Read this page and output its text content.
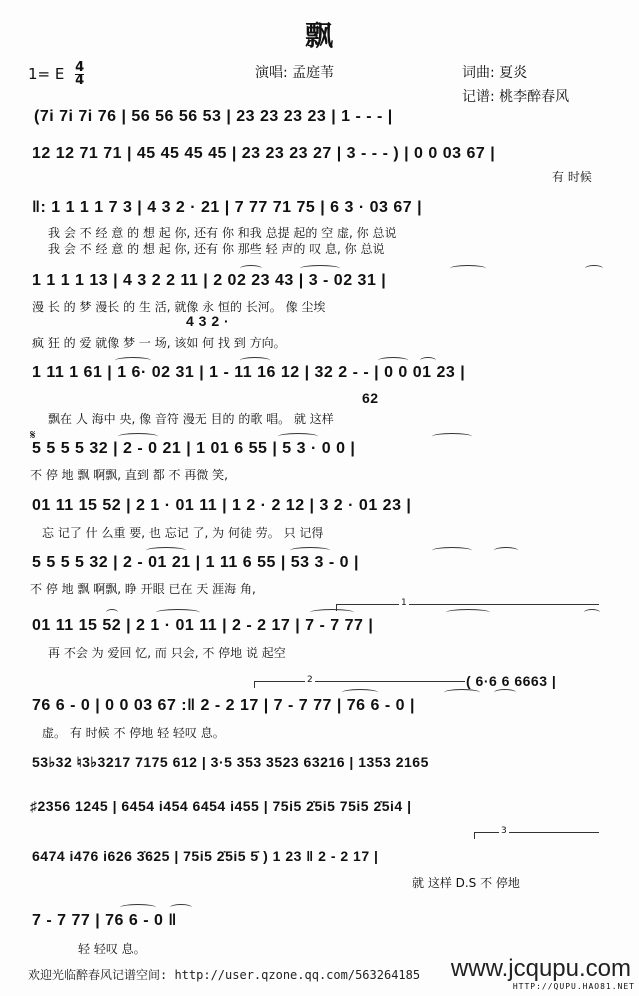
飘
1= E $\frac{4}{4}$	演唱: 孟庭苇	词曲: 夏炎
记谱: 桃李醉春风
(7i 7i 7i 76 | 56 56 56 53 | 23 23 23 23 | 1 - - - |
12 12 71 71 | 45 45 45 45 | 23 23 23 27 | 3 - - - ) | 0 0 03 67 |
有 时候
‖: 1 1 1 1 7 3 | 4 3 2 · 21 | 7 77 71 75 | 6 3 · 03 67 |
我 会 不 经 意 的 想 起 你, 还有 你 和我 总提 起的 空 虚, 你 总说
我 会 不 经 意 的 想 起 你, 还有 你 那些 轻 声的 叹 息, 你 总说
1 1 1 1 13 | 4 3 2 2 11 | 2 02 23 43 | 3 - 02 31 |
漫 长 的 梦 漫长 的 生 活, 就像 永 恒的 长河。 像 尘埃
4 3 2 ·
疯 狂 的 爱 就像 梦 一 场, 该如 何 找 到 方向。
1 11 1 61 | 1 6· 02 31 | 1 - 11 16 12 | 32 2 - - | 0 0 01 23 |
62
飘在 人 海中 央, 像 音符 漫无 目的 的歌 唱。 就 这样
𝄋
5 5 5 5 32 | 2 - 0 21 | 1 01 6 55 | 5 3 · 0 0 |
不 停 地 飘 啊飘, 直到 都 不 再微 笑,
01 11 15 52 | 2 1 · 01 11 | 1 2 · 2 12 | 3 2 · 01 23 |
忘 记了 什 么重 要, 也 忘记 了, 为 何徒 劳。 只 记得
5 5 5 5 32 | 2 - 01 21 | 1 11 6 55 | 53 3 - 0 |
不 停 地 飘 啊飘, 睁 开眼 已在 天 涯海 角,
1
01 11 15 52 | 2 1 · 01 11 | 2 - 2 17 | 7 - 7 77 |
再 不会 为 爱回 忆, 而 只会, 不 停地 说 起空
2	( 6·6 6 6663 |
76 6 - 0 | 0 0 03 67 :‖ 2 - 2 17 | 7 - 7 77 | 76 6 - 0 |
虚。 有 时候 不 停地 轻 轻叹 息。
53♭32 ♮3♭3217 7175 612 | 3·5 353 3523 63216 | 1353 2165
♯2356 1245 | 6454 i454 6454 i455 | 75i5 2̇5i5 75i5 2̇5i4 |
3
6474 i476 i626 3̇625 | 75i5 2̇5i5 5̇ ) 1 23 ‖ 2 - 2 17 |
就 这样 D.S 不 停地
7 - 7 77 | 76 6 - 0 ‖
轻 轻叹 息。
欢迎光临醉春风记谱空间: http://user.qzone.qq.com/563264185 www.jcqupu.com
HTTP://QUPU.HAO81.NET
